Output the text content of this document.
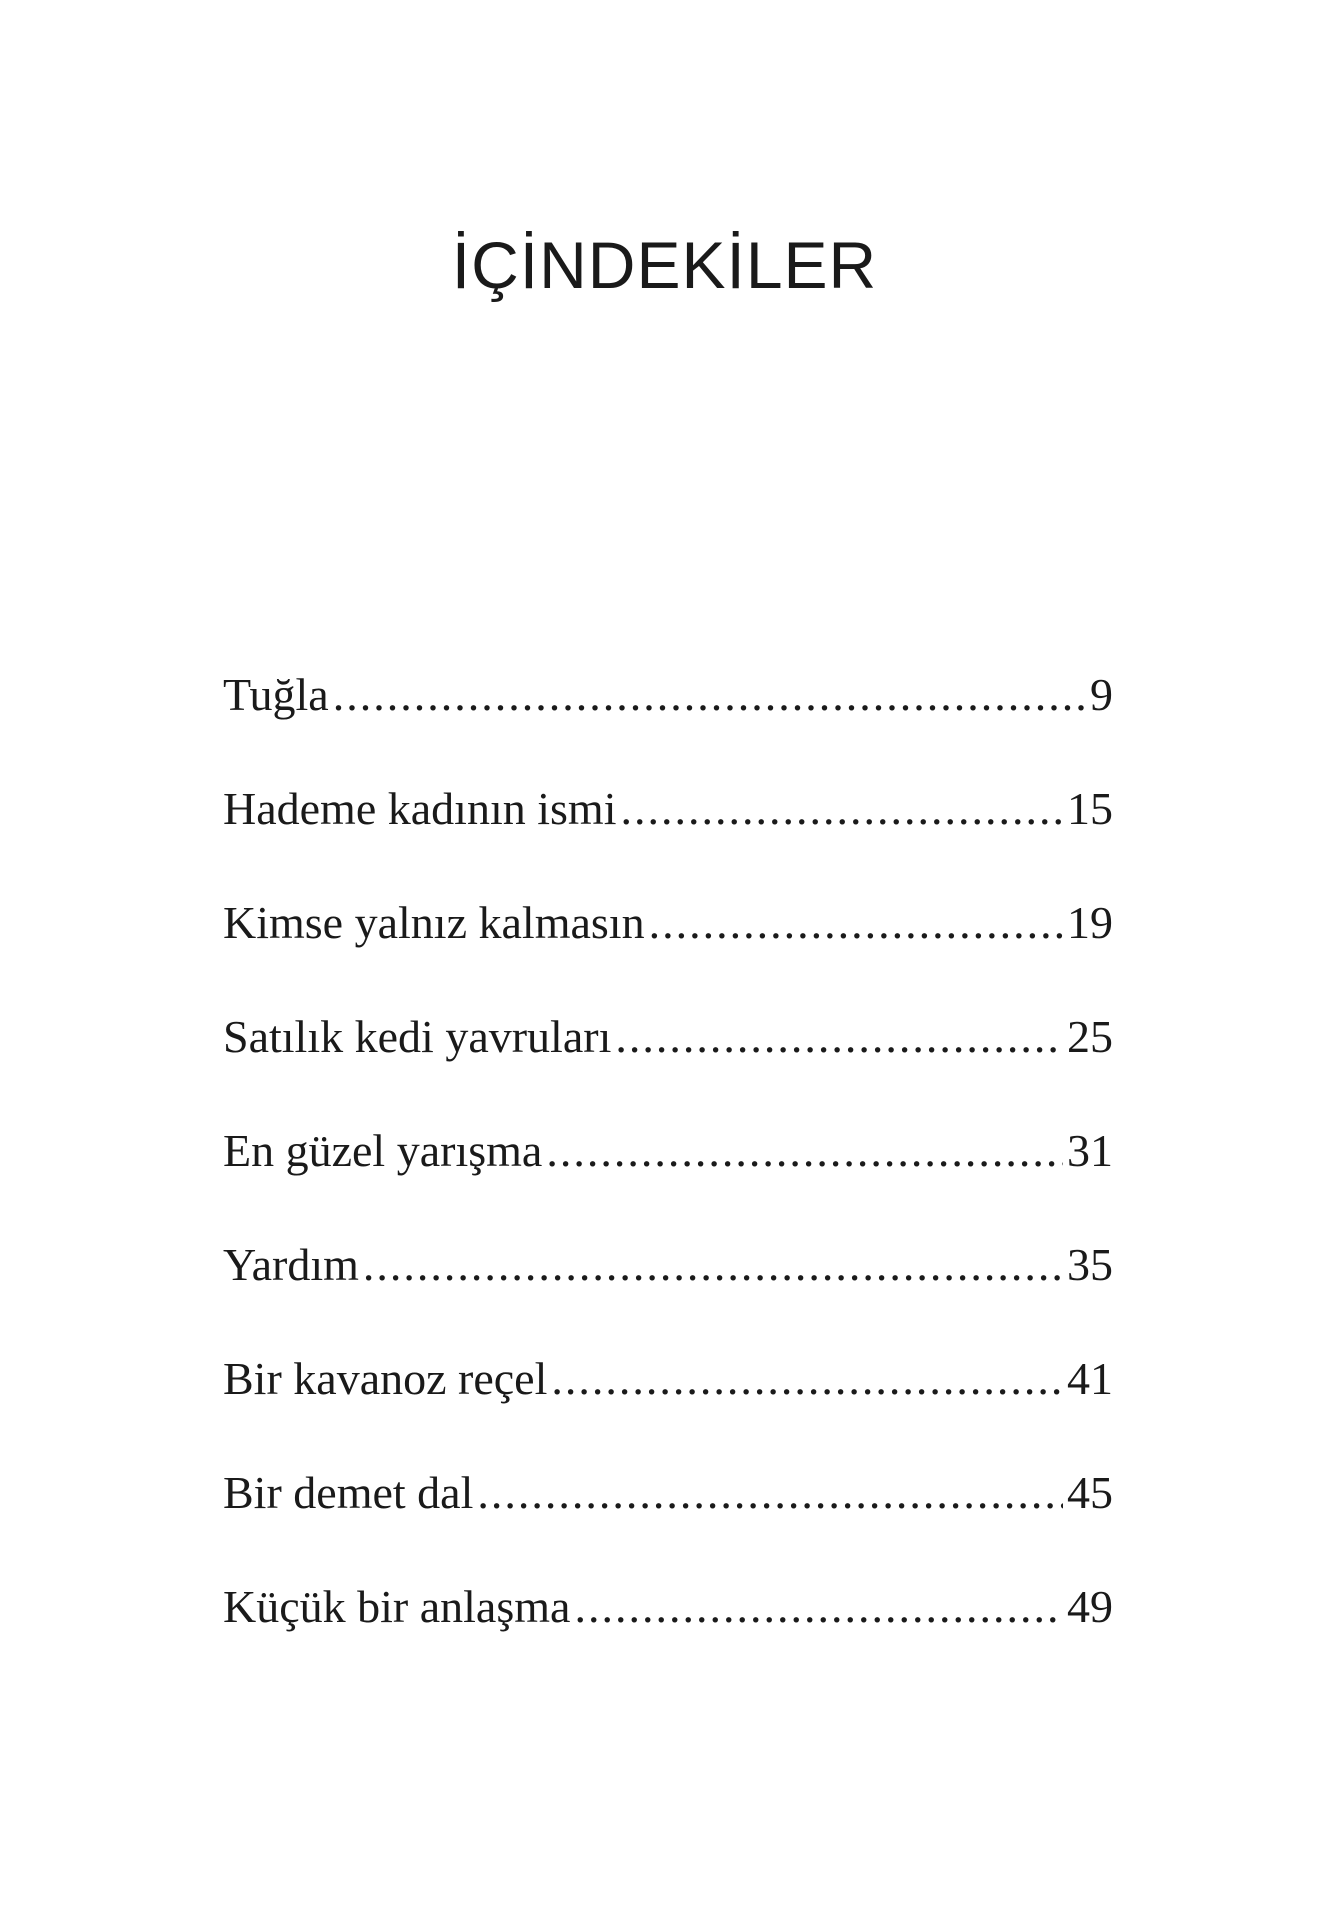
İÇİNDEKİLER
Tuğla .....	9
Hademe kadının ismi .....	15
Kimse yalnız kalmasın .....	19
Satılık kedi yavruları .....	25
En güzel yarışma .....	31
Yardım .....	35
Bir kavanoz reçel .....	41
Bir demet dal .....	45
Küçük bir anlaşma .....	49
